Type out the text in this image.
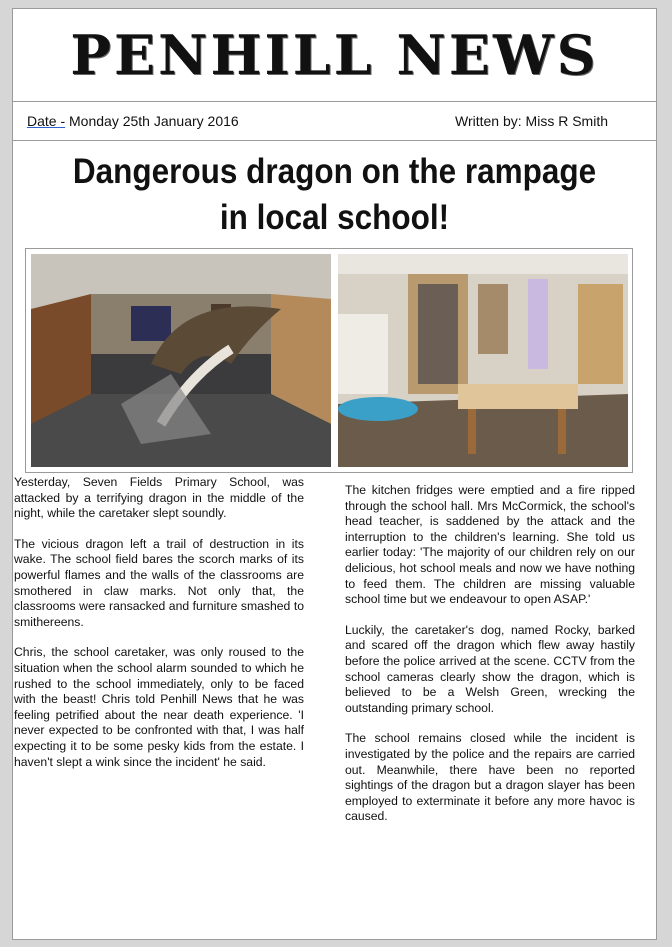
PENHILL NEWS
Date - Monday 25th January 2016	Written by: Miss R Smith
Dangerous dragon on the rampage
in local school!

Yesterday, Seven Fields Primary School, was attacked by a terrifying dragon in the middle of the night, while the caretaker slept soundly.

The vicious dragon left a trail of destruction in its wake. The school field bares the scorch marks of its powerful flames and the walls of the classrooms are smothered in claw marks. Not only that, the classrooms were ransacked and furniture smashed to smithereens.

Chris, the school caretaker, was only roused to the situation when the school alarm sounded to which he rushed to the school immediately, only to be faced with the beast! Chris told Penhill News that he was feeling petrified about the near death experience. 'I never expected to be confronted with that, I was half expecting it to be some pesky kids from the estate. I haven't slept a wink since the incident' he said.

The kitchen fridges were emptied and a fire ripped through the school hall. Mrs McCormick, the school's head teacher, is saddened by the attack and the interruption to the children's learning. She told us earlier today: 'The majority of our children rely on our delicious, hot school meals and now we have nothing to feed them. The children are missing valuable school time but we endeavour to open ASAP.'

Luckily, the caretaker's dog, named Rocky, barked and scared off the dragon which flew away hastily before the police arrived at the scene. CCTV from the school cameras clearly show the dragon, which is believed to be a Welsh Green, wrecking the outstanding primary school.

The school remains closed while the incident is investigated by the police and the repairs are carried out. Meanwhile, there have been no reported sightings of the dragon but a dragon slayer has been employed to exterminate it before any more havoc is caused.
